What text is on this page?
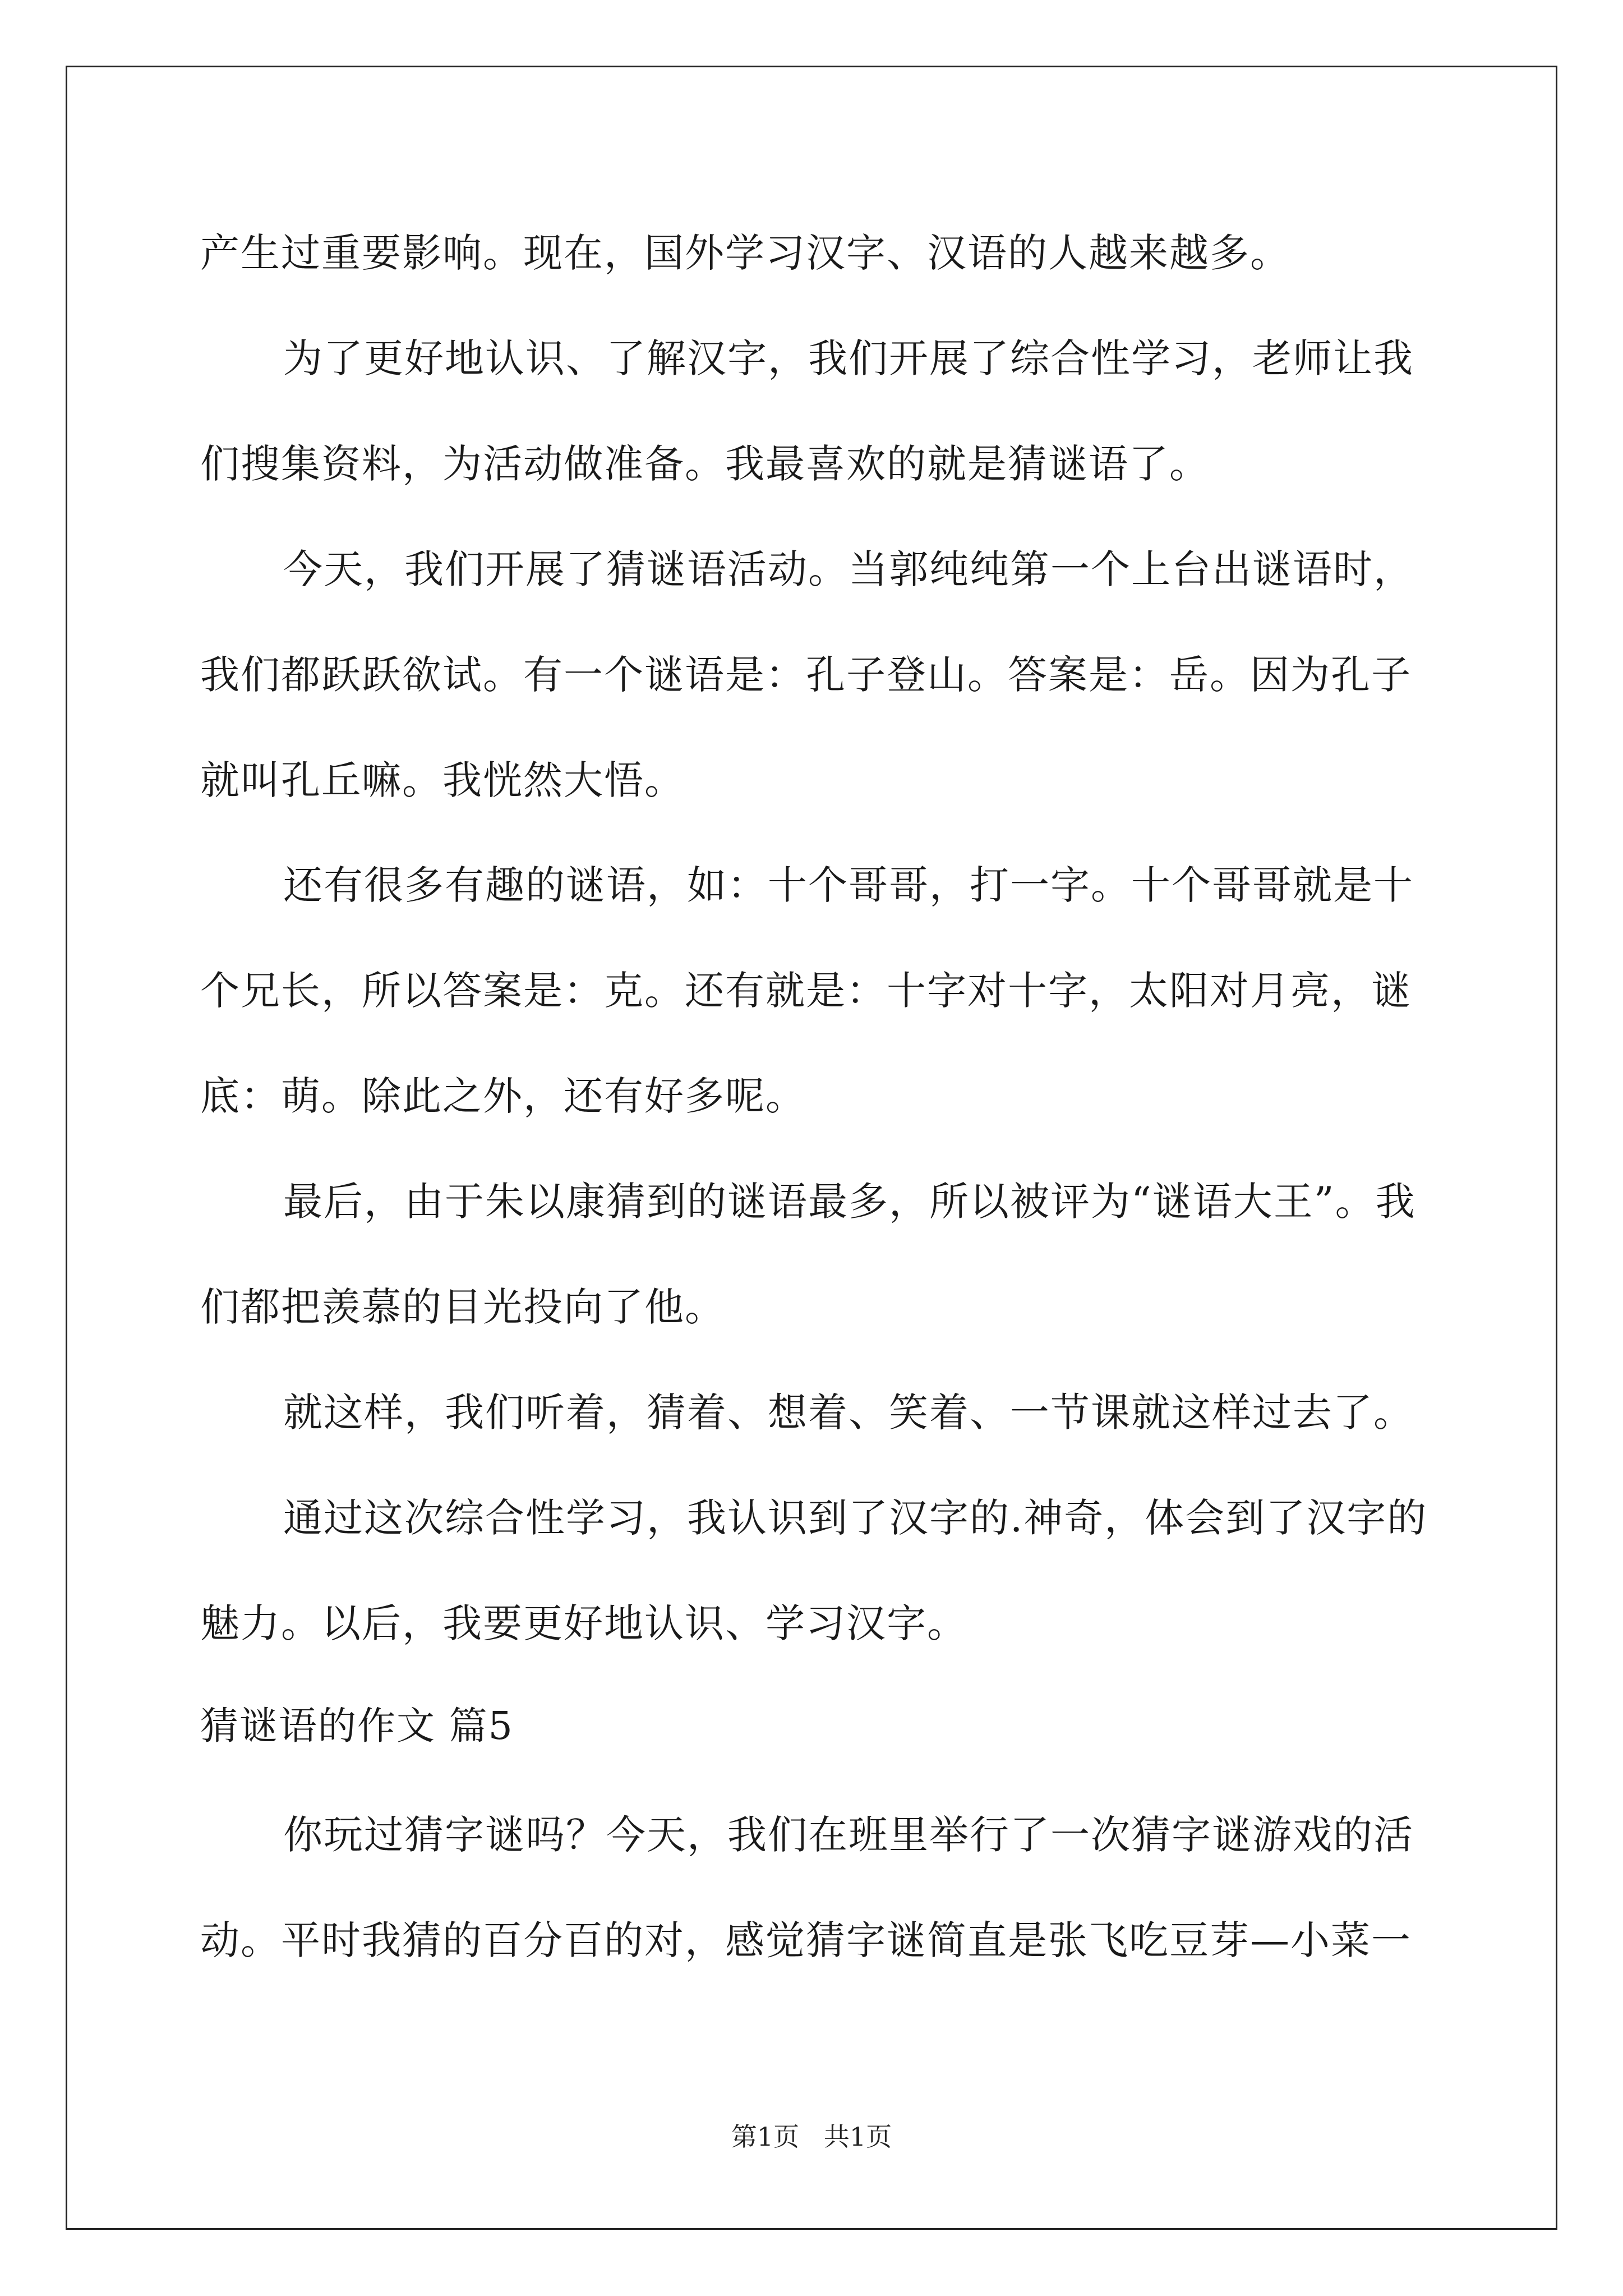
产生过重要影响。现在，国外学习汉字、汉语的人越来越多。

为了更好地认识、了解汉字，我们开展了综合性学习，老师让我

们搜集资料，为活动做准备。我最喜欢的就是猜谜语了。

今天，我们开展了猜谜语活动。当郭纯纯第一个上台出谜语时，

我们都跃跃欲试。有一个谜语是：孔子登山。答案是：岳。因为孔子

就叫孔丘嘛。我恍然大悟。

还有很多有趣的谜语，如：十个哥哥，打一字。十个哥哥就是十

个兄长，所以答案是：克。还有就是：十字对十字，太阳对月亮，谜

底：萌。除此之外，还有好多呢。

最后，由于朱以康猜到的谜语最多，所以被评为“谜语大王”。我

们都把羡慕的目光投向了他。

就这样，我们听着，猜着、想着、笑着、一节课就这样过去了。

通过这次综合性学习，我认识到了汉字的.神奇，体会到了汉字的

魅力。以后，我要更好地认识、学习汉字。

猜谜语的作文 篇5

你玩过猜字谜吗？今天，我们在班里举行了一次猜字谜游戏的活

动。平时我猜的百分百的对，感觉猜字谜简直是张飞吃豆芽—小菜一

第1页   共1页
